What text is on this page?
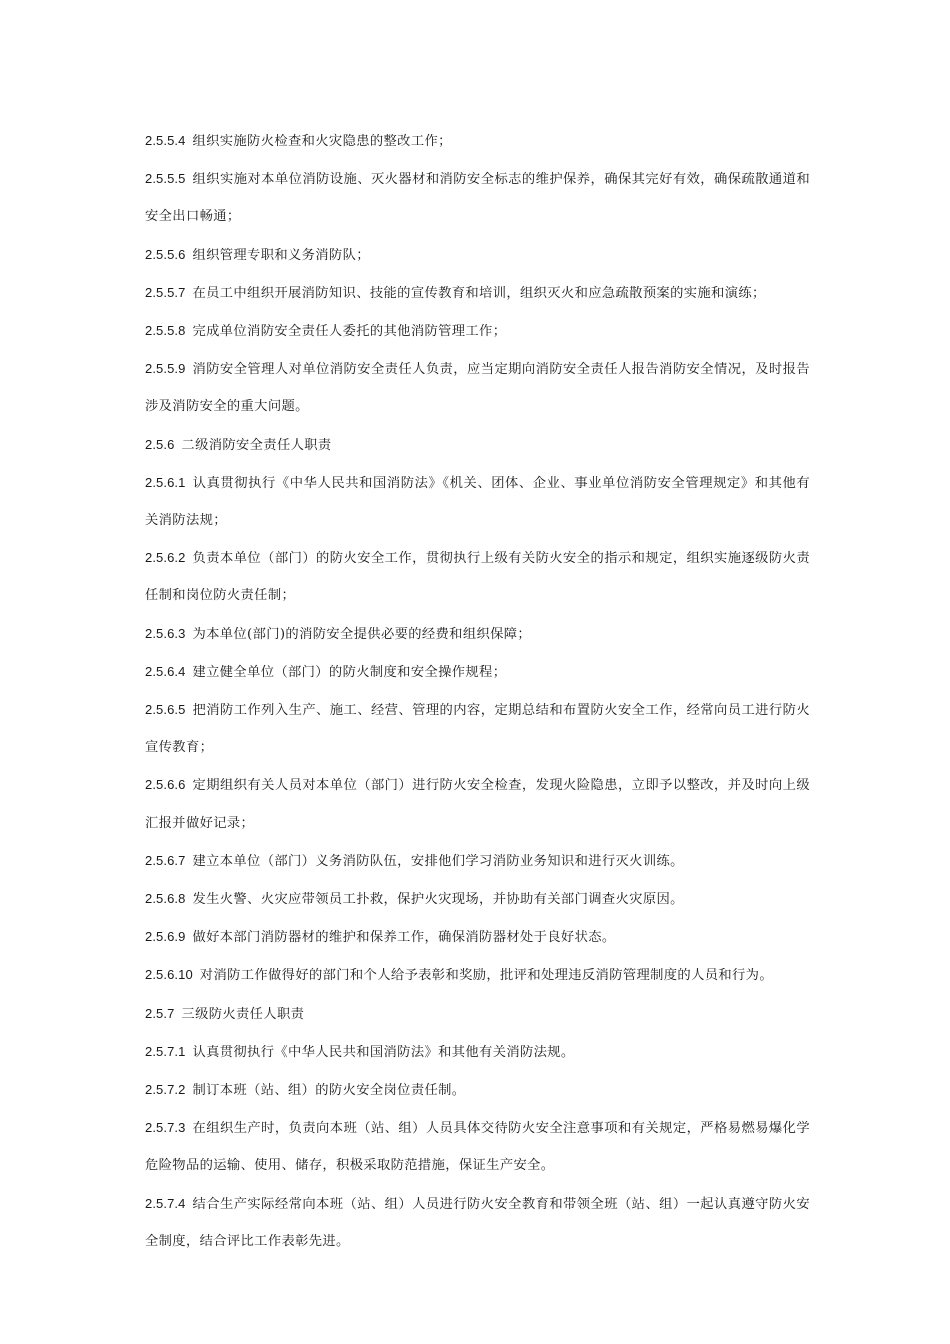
2.5.5.4 组织实施防火检查和火灾隐患的整改工作；

2.5.5.5 组织实施对本单位消防设施、灭火器材和消防安全标志的维护保养，确保其完好有效，确保疏散通道和安全出口畅通；

2.5.5.6 组织管理专职和义务消防队；

2.5.5.7 在员工中组织开展消防知识、技能的宣传教育和培训，组织灭火和应急疏散预案的实施和演练；

2.5.5.8 完成单位消防安全责任人委托的其他消防管理工作；

2.5.5.9 消防安全管理人对单位消防安全责任人负责，应当定期向消防安全责任人报告消防安全情况，及时报告涉及消防安全的重大问题。

2.5.6 二级消防安全责任人职责

2.5.6.1 认真贯彻执行《中华人民共和国消防法》《机关、团体、企业、事业单位消防安全管理规定》和其他有关消防法规；

2.5.6.2 负责本单位（部门）的防火安全工作，贯彻执行上级有关防火安全的指示和规定，组织实施逐级防火责任制和岗位防火责任制；

2.5.6.3 为本单位(部门)的消防安全提供必要的经费和组织保障；

2.5.6.4 建立健全单位（部门）的防火制度和安全操作规程；

2.5.6.5 把消防工作列入生产、施工、经营、管理的内容，定期总结和布置防火安全工作，经常向员工进行防火宣传教育；

2.5.6.6 定期组织有关人员对本单位（部门）进行防火安全检查，发现火险隐患，立即予以整改，并及时向上级汇报并做好记录；

2.5.6.7 建立本单位（部门）义务消防队伍，安排他们学习消防业务知识和进行灭火训练。

2.5.6.8 发生火警、火灾应带领员工扑救，保护火灾现场，并协助有关部门调查火灾原因。

2.5.6.9 做好本部门消防器材的维护和保养工作，确保消防器材处于良好状态。

2.5.6.10 对消防工作做得好的部门和个人给予表彰和奖励，批评和处理违反消防管理制度的人员和行为。

2.5.7 三级防火责任人职责

2.5.7.1 认真贯彻执行《中华人民共和国消防法》和其他有关消防法规。

2.5.7.2 制订本班（站、组）的防火安全岗位责任制。

2.5.7.3 在组织生产时，负责向本班（站、组）人员具体交待防火安全注意事项和有关规定，严格易燃易爆化学危险物品的运输、使用、储存，积极采取防范措施，保证生产安全。

2.5.7.4 结合生产实际经常向本班（站、组）人员进行防火安全教育和带领全班（站、组）一起认真遵守防火安全制度，结合评比工作表彰先进。
